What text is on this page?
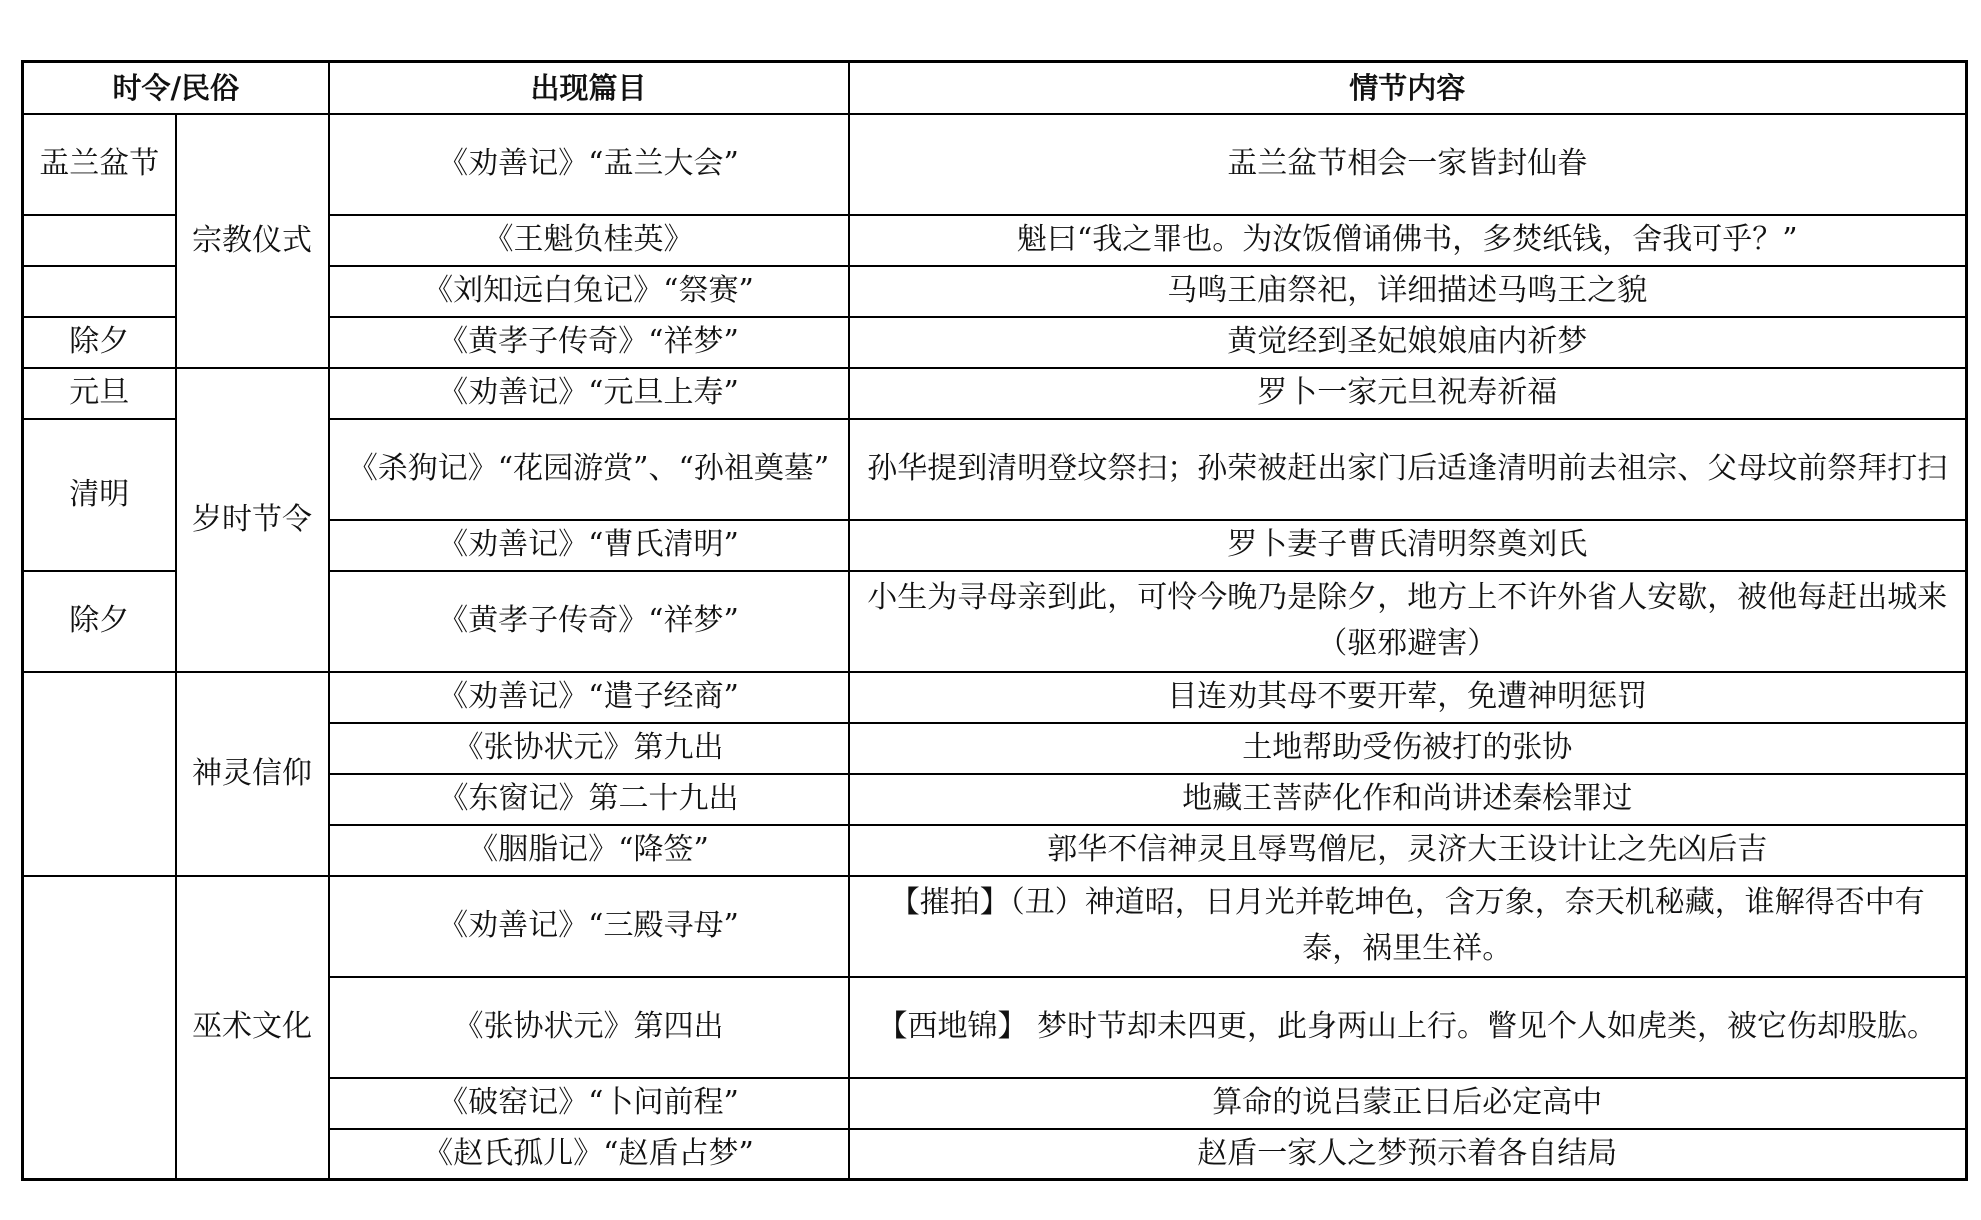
时令/民俗		出现篇目	情节内容
盂兰盆节	宗教仪式	《劝善记》“盂兰大会”	盂兰盆节相会一家皆封仙眷
		《王魁负桂英》	魁曰“我之罪也。为汝饭僧诵佛书，多焚纸钱，舍我可乎？”
		《刘知远白兔记》“祭赛”	马鸣王庙祭祀，详细描述马鸣王之貌
除夕		《黄孝子传奇》“祥梦”	黄觉经到圣妃娘娘庙内祈梦
元旦	岁时节令	《劝善记》“元旦上寿”	罗卜一家元旦祝寿祈福
清明		《杀狗记》“花园游赏”、“孙祖奠墓”	孙华提到清明登坟祭扫；孙荣被赶出家门后适逢清明前去祖宗、父母坟前祭拜打扫
		《劝善记》“曹氏清明”	罗卜妻子曹氏清明祭奠刘氏
除夕		《黄孝子传奇》“祥梦”	小生为寻母亲到此，可怜今晚乃是除夕，地方上不许外省人安歇，被他每赶出城来（驱邪避害）
	神灵信仰	《劝善记》“遣子经商”	目连劝其母不要开荤，免遭神明惩罚
		《张协状元》第九出	土地帮助受伤被打的张协
		《东窗记》第二十九出	地藏王菩萨化作和尚讲述秦桧罪过
		《胭脂记》“降签”	郭华不信神灵且辱骂僧尼，灵济大王设计让之先凶后吉
	巫术文化	《劝善记》“三殿寻母”	【摧拍】（丑）神道昭，日月光并乾坤色，含万象，奈天机秘藏，谁解得否中有泰，祸里生祥。
		《张协状元》第四出	【西地锦】 梦时节却未四更，此身两山上行。瞥见个人如虎类，被它伤却股肱。
		《破窑记》“卜问前程”	算命的说吕蒙正日后必定高中
		《赵氏孤儿》“赵盾占梦”	赵盾一家人之梦预示着各自结局
